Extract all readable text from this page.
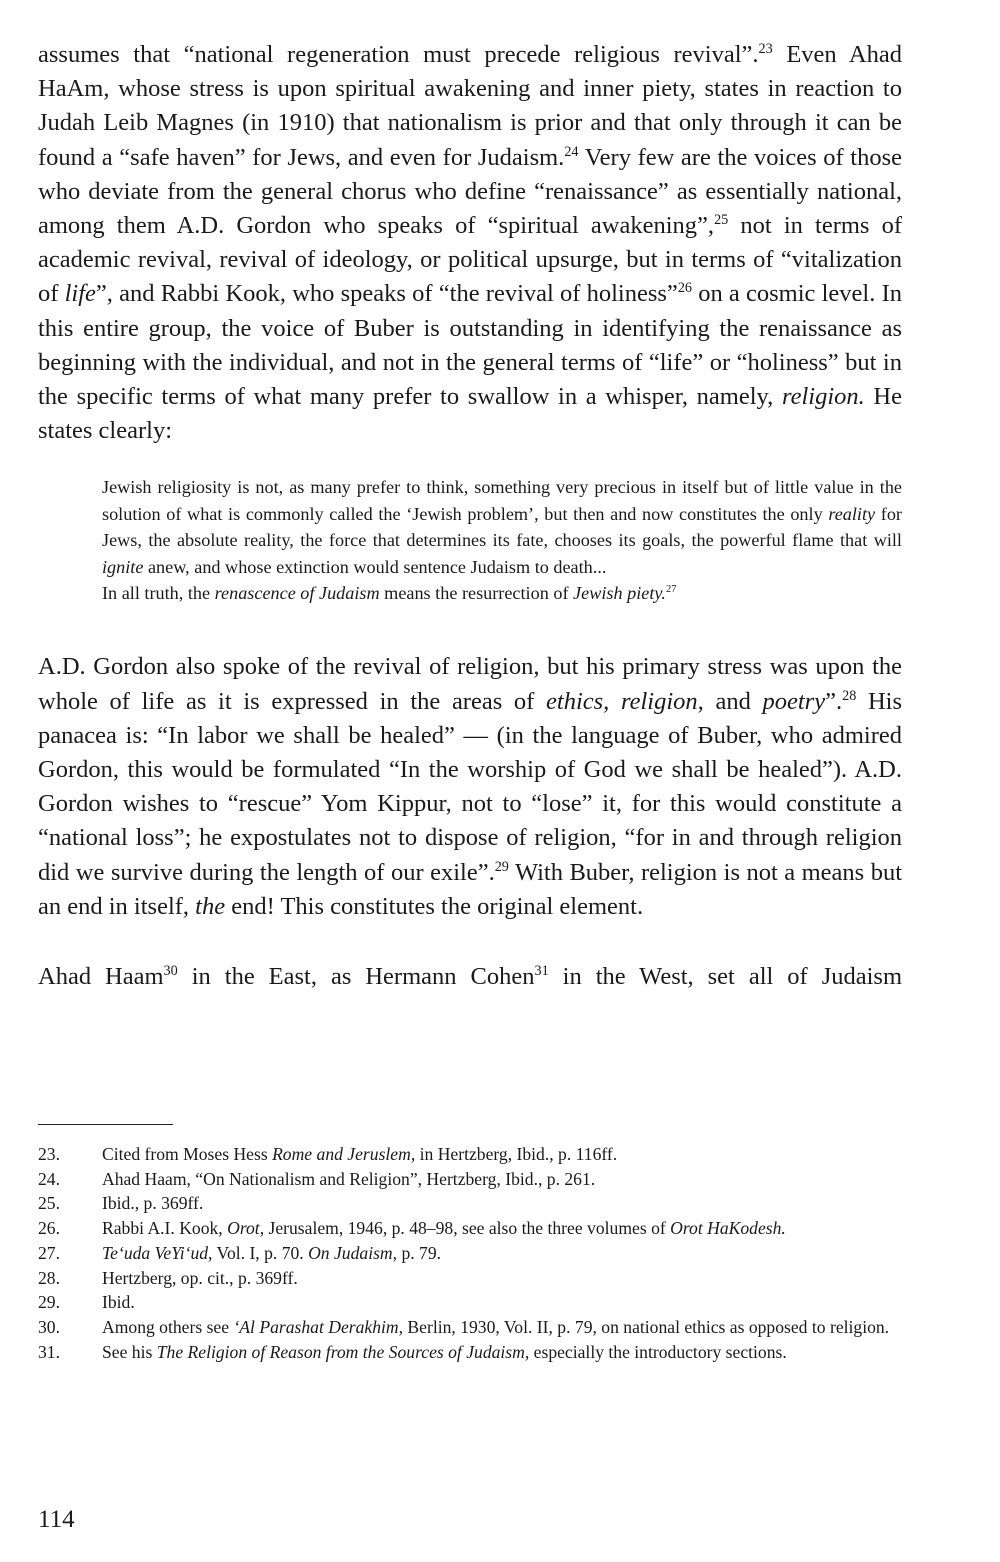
assumes that “national regeneration must precede religious revival”.$^{23}$ Even Ahad HaAm, whose stress is upon spiritual awakening and inner piety, states in reaction to Judah Leib Magnes (in 1910) that nationalism is prior and that only through it can be found a “safe haven” for Jews, and even for Judaism.$^{24}$ Very few are the voices of those who deviate from the general chorus who define “renaissance” as essentially national, among them A.D. Gordon who speaks of “spiritual awakening”,$^{25}$ not in terms of academic revival, revival of ideology, or political upsurge, but in terms of “vitalization of life”, and Rabbi Kook, who speaks of “the revival of holiness”$^{26}$ on a cosmic level. In this entire group, the voice of Buber is outstanding in identifying the renaissance as beginning with the individual, and not in the general terms of “life” or “holiness” but in the specific terms of what many prefer to swallow in a whisper, namely, religion. He states clearly:

Jewish religiosity is not, as many prefer to think, something very precious in itself but of little value in the solution of what is commonly called the ‘Jewish problem’, but then and now constitutes the only reality for Jews, the absolute reality, the force that determines its fate, chooses its goals, the powerful flame that will ignite anew, and whose extinction would sentence Judaism to death...
In all truth, the renascence of Judaism means the resurrection of Jewish piety.$^{27}$

A.D. Gordon also spoke of the revival of religion, but his primary stress was upon the whole of life as it is expressed in the areas of ethics, religion, and poetry”.$^{28}$ His panacea is: “In labor we shall be healed” — (in the language of Buber, who admired Gordon, this would be formulated “In the worship of God we shall be healed”). A.D. Gordon wishes to “rescue” Yom Kippur, not to “lose” it, for this would constitute a “national loss”; he expostulates not to dispose of religion, “for in and through religion did we survive during the length of our exile”.$^{29}$ With Buber, religion is not a means but an end in itself, the end! This constitutes the original element.

Ahad Haam$^{30}$ in the East, as Hermann Cohen$^{31}$ in the West, set all of Judaism

23. Cited from Moses Hess Rome and Jeruslem, in Hertzberg, Ibid., p. 116ff.

24. Ahad Haam, “On Nationalism and Religion”, Hertzberg, Ibid., p. 261.

25. Ibid., p. 369ff.

26. Rabbi A.I. Kook, Orot, Jerusalem, 1946, p. 48–98, see also the three volumes of Orot HaKodesh.

27. Te‘uda VeYi‘ud, Vol. I, p. 70. On Judaism, p. 79.

28. Hertzberg, op. cit., p. 369ff.

29. Ibid.

30. Among others see ‘Al Parashat Derakhim, Berlin, 1930, Vol. II, p. 79, on national ethics as opposed to religion.

31. See his The Religion of Reason from the Sources of Judaism, especially the introductory sections.

114
